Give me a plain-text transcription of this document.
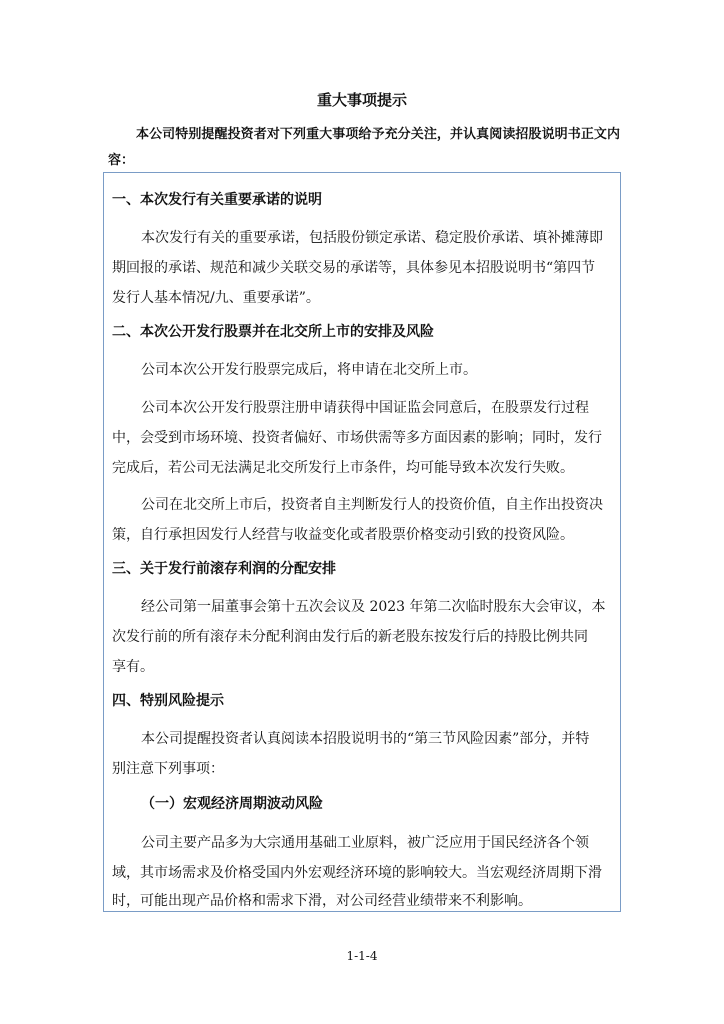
重大事项提示
本公司特别提醒投资者对下列重大事项给予充分关注，并认真阅读招股说明书正文内容：
一、本次发行有关重要承诺的说明
本次发行有关的重要承诺，包括股份锁定承诺、稳定股价承诺、填补摊薄即
期回报的承诺、规范和减少关联交易的承诺等，具体参见本招股说明书“第四节
发行人基本情况/九、重要承诺”。
二、本次公开发行股票并在北交所上市的安排及风险
公司本次公开发行股票完成后，将申请在北交所上市。
公司本次公开发行股票注册申请获得中国证监会同意后，在股票发行过程
中，会受到市场环境、投资者偏好、市场供需等多方面因素的影响；同时，发行
完成后，若公司无法满足北交所发行上市条件，均可能导致本次发行失败。
公司在北交所上市后，投资者自主判断发行人的投资价值，自主作出投资决
策，自行承担因发行人经营与收益变化或者股票价格变动引致的投资风险。
三、关于发行前滚存利润的分配安排
经公司第一届董事会第十五次会议及 2023 年第二次临时股东大会审议，本
次发行前的所有滚存未分配利润由发行后的新老股东按发行后的持股比例共同
享有。
四、特别风险提示
本公司提醒投资者认真阅读本招股说明书的“第三节风险因素”部分，并特
别注意下列事项：
（一）宏观经济周期波动风险
公司主要产品多为大宗通用基础工业原料，被广泛应用于国民经济各个领
域，其市场需求及价格受国内外宏观经济环境的影响较大。当宏观经济周期下滑
时，可能出现产品价格和需求下滑，对公司经营业绩带来不利影响。
1-1-4
